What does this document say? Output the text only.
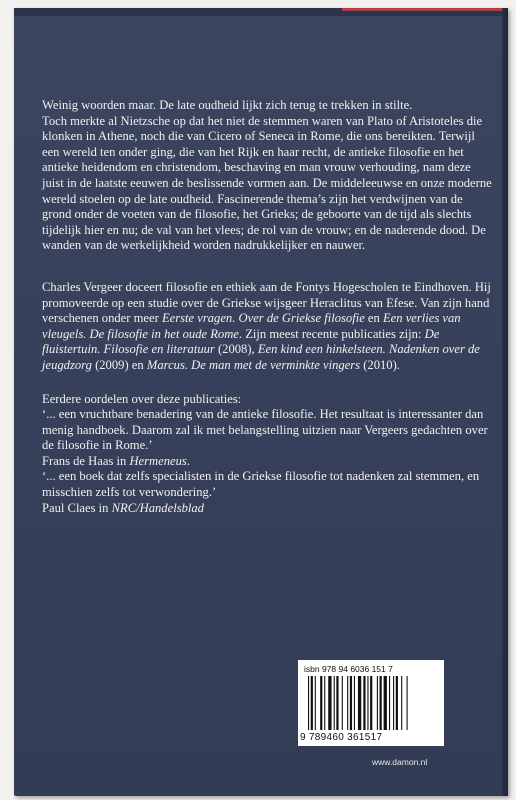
Weinig woorden maar. De late oudheid lijkt zich terug te trekken in stilte.

Toch merkte al Nietzsche op dat het niet de stemmen waren van Plato of Aristoteles die klonken in Athene, noch die van Cicero of Seneca in Rome, die ons bereikten. Terwijl een wereld ten onder ging, die van het Rijk en haar recht, de antieke filosofie en het antieke heidendom en christendom, beschaving en man vrouw verhouding, nam deze juist in de laatste eeuwen de beslissende vormen aan. De middeleeuwse en onze moderne wereld stoelen op de late oudheid. Fascinerende thema’s zijn het verdwijnen van de grond onder de voeten van de filosofie, het Grieks; de geboorte van de tijd als slechts tijdelijk hier en nu; de val van het vlees; de rol van de vrouw; en de naderende dood. De wanden van de werkelijkheid worden nadrukkelijker en nauwer.

Charles Vergeer doceert filosofie en ethiek aan de Fontys Hogescholen te Eindhoven. Hij promoveerde op een studie over de Griekse wijsgeer Heraclitus van Efese. Van zijn hand verschenen onder meer Eerste vragen. Over de Griekse filosofie en Een verlies van vleugels. De filosofie in het oude Rome. Zijn meest recente publicaties zijn: De fluistertuin. Filosofie en literatuur (2008), Een kind een hinkelsteen. Nadenken over de jeugdzorg (2009) en Marcus. De man met de verminkte vingers (2010).

Eerdere oordelen over deze publicaties:

‘... een vruchtbare benadering van de antieke filosofie. Het resultaat is interessanter dan menig handboek. Daarom zal ik met belangstelling uitzien naar Vergeers gedachten over de filosofie in Rome.’

Frans de Haas in Hermeneus.

‘... een boek dat zelfs specialisten in de Griekse filosofie tot nadenken zal stemmen, en misschien zelfs tot verwondering.’

Paul Claes in NRC/Handelsblad

isbn 978 94 6036 151 7
9 789460 361517
www.damon.nl
